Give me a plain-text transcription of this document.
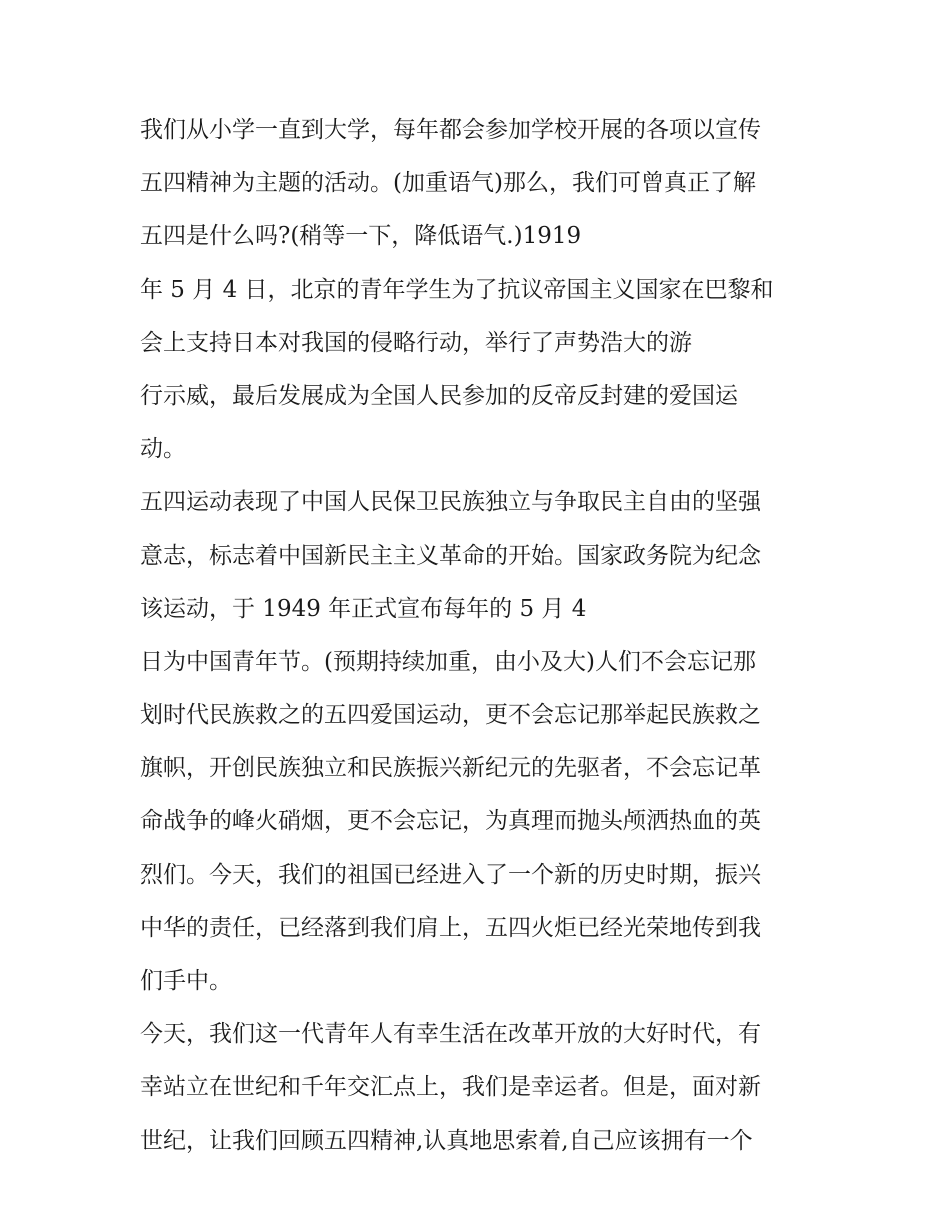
我们从小学一直到大学，每年都会参加学校开展的各项以宣传
五四精神为主题的活动。(加重语气)那么，我们可曾真正了解
五四是什么吗?(稍等一下，降低语气.)1919
年 5 月 4 日，北京的青年学生为了抗议帝国主义国家在巴黎和
会上支持日本对我国的侵略行动，举行了声势浩大的游
行示威，最后发展成为全国人民参加的反帝反封建的爱国运
动。
五四运动表现了中国人民保卫民族独立与争取民主自由的坚强
意志，标志着中国新民主主义革命的开始。国家政务院为纪念
该运动，于 1949 年正式宣布每年的 5 月 4
日为中国青年节。(预期持续加重，由小及大)人们不会忘记那
划时代民族救之的五四爱国运动，更不会忘记那举起民族救之
旗帜，开创民族独立和民族振兴新纪元的先驱者，不会忘记革
命战争的峰火硝烟，更不会忘记，为真理而抛头颅洒热血的英
烈们。今天，我们的祖国已经进入了一个新的历史时期，振兴
中华的责任，已经落到我们肩上，五四火炬已经光荣地传到我
们手中。
今天，我们这一代青年人有幸生活在改革开放的大好时代，有
幸站立在世纪和千年交汇点上，我们是幸运者。但是，面对新
世纪，让我们回顾五四精神,认真地思索着,自己应该拥有一个
